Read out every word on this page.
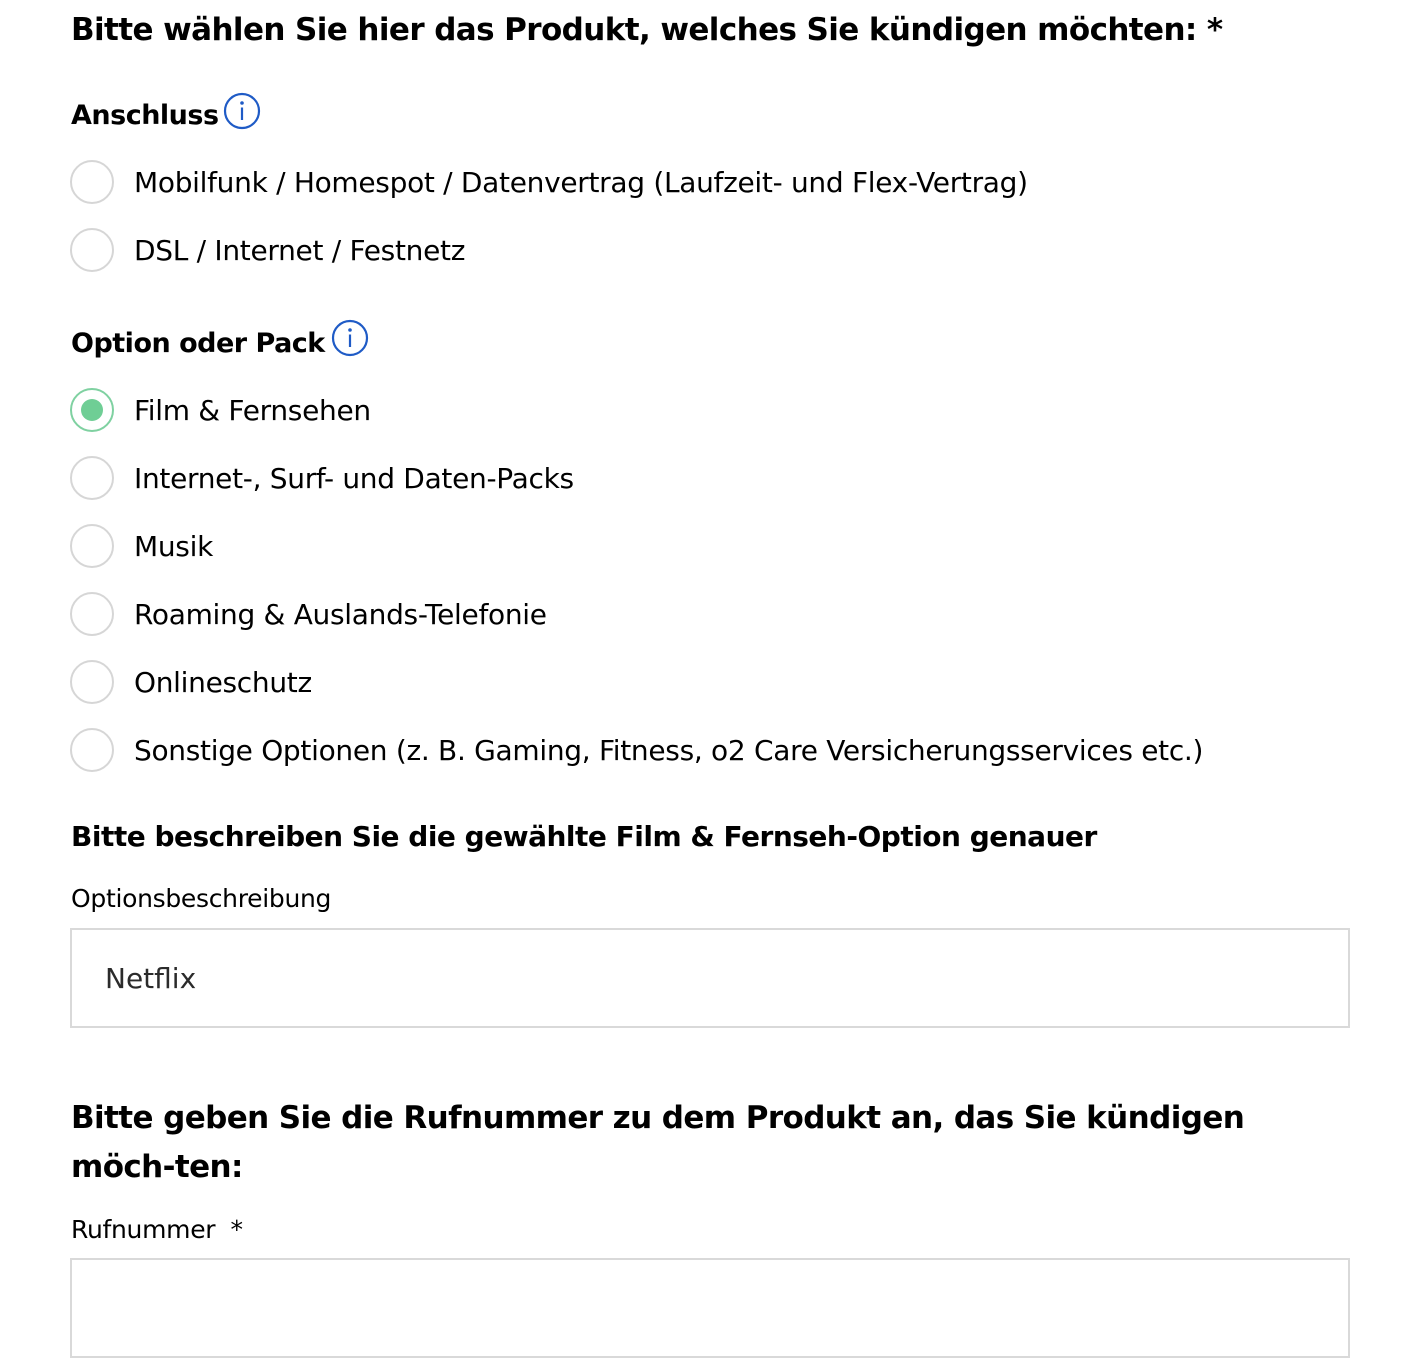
Bitte wählen Sie hier das Produkt, welches Sie kündigen möchten: *
Anschluss
Mobilfunk / Homespot / Datenvertrag (Laufzeit- und Flex-Vertrag)
DSL / Internet / Festnetz
Option oder Pack
Film & Fernsehen
Internet-, Surf- und Daten-Packs
Musik
Roaming & Auslands-Telefonie
Onlineschutz
Sonstige Optionen (z. B. Gaming, Fitness, o2 Care Versicherungsservices etc.)
Bitte beschreiben Sie die gewählte Film & Fernseh-Option genauer
Optionsbeschreibung
Netflix
Bitte geben Sie die Rufnummer zu dem Produkt an, das Sie kündigen möch-ten:
Rufnummer  *
